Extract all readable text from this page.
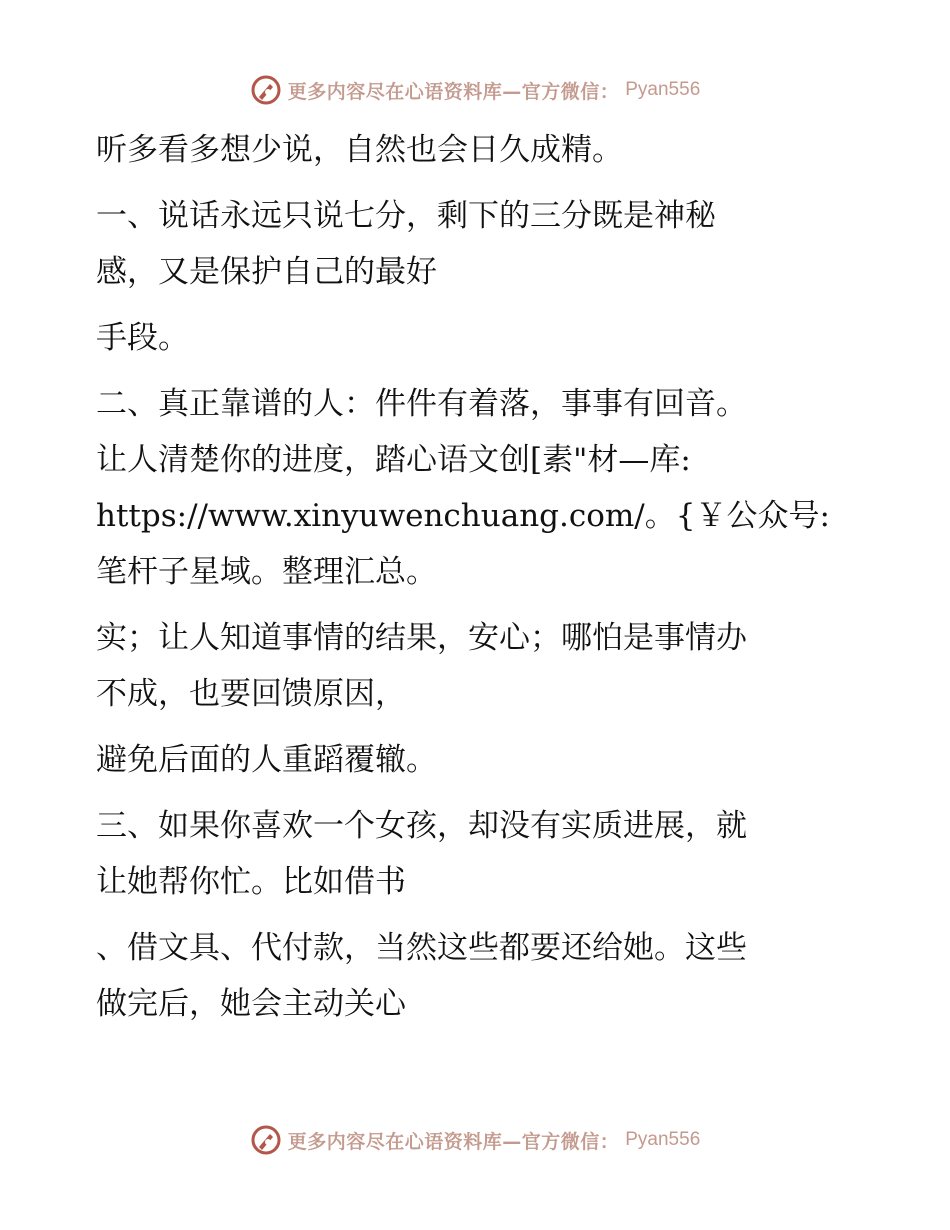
更多内容尽在心语资料库—官方微信： Pyan556

听多看多想少说，自然也会日久成精。

一、说话永远只说七分，剩下的三分既是神秘

感，又是保护自己的最好

手段。

二、真正靠谱的人：件件有着落，事事有回音。

让人清楚你的进度，踏心语文创[素"材—库:

https://www.xinyuwenchuang.com/。{￥公众号:

笔杆子星域。整理汇总。

实；让人知道事情的结果，安心；哪怕是事情办

不成，也要回馈原因，

避免后面的人重蹈覆辙。

三、如果你喜欢一个女孩，却没有实质进展，就

让她帮你忙。比如借书

、借文具、代付款，当然这些都要还给她。这些

做完后，她会主动关心

更多内容尽在心语资料库—官方微信： Pyan556
